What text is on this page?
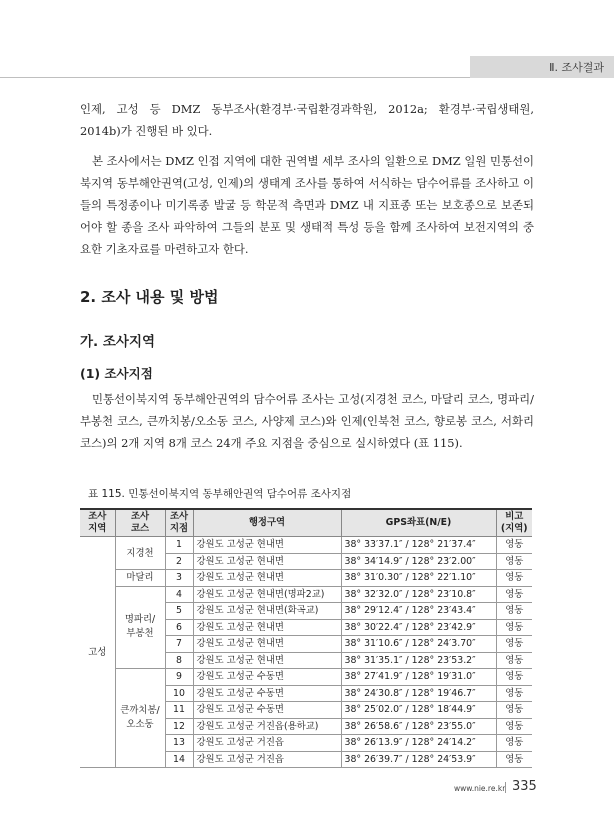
Ⅱ. 조사결과

인제, 고성 등 DMZ 동부조사(환경부·국립환경과학원, 2012a; 환경부·국립생태원, 2014b)가 진행된 바 있다.

본 조사에서는 DMZ 인접 지역에 대한 권역별 세부 조사의 일환으로 DMZ 일원 민통선이북지역 동부해안권역(고성, 인제)의 생태계 조사를 통하여 서식하는 담수어류를 조사하고 이들의 특정종이나 미기록종 발굴 등 학문적 측면과 DMZ 내 지표종 또는 보호종으로 보존되어야 할 종을 조사 파악하여 그들의 분포 및 생태적 특성 등을 함께 조사하여 보전지역의 중요한 기초자료를 마련하고자 한다.

2. 조사 내용 및 방법
가. 조사지역
(1) 조사지점

민통선이북지역 동부해안권역의 담수어류 조사는 고성(지경천 코스, 마달리 코스, 명파리/부봉천 코스, 큰까치봉/오소동 코스, 사양제 코스)와 인제(인북천 코스, 향로봉 코스, 서화리 코스)의 2개 지역 8개 코스 24개 주요 지점을 중심으로 실시하였다 (표 115).

표 115. 민통선이북지역 동부해안권역 담수어류 조사지점

조사
지역	조사
코스	조사
지점	행정구역	GPS좌표(N/E)	비고
(지역)
고성	지경천	1	강원도 고성군 현내면	38° 33′37.1″ / 128° 21′37.4″	영동
		2	강원도 고성군 현내면	38° 34′14.9″ / 128° 23′2.00″	영동
	마달리	3	강원도 고성군 현내면	38° 31′0.30″ / 128° 22′1.10″	영동
	명파리/
부봉천	4	강원도 고성군 현내면(명파2교)	38° 32′32.0″ / 128° 23′10.8″	영동
		5	강원도 고성군 현내면(화곡교)	38° 29′12.4″ / 128° 23′43.4″	영동
		6	강원도 고성군 현내면	38° 30′22.4″ / 128° 23′42.9″	영동
		7	강원도 고성군 현내면	38° 31′10.6″ / 128° 24′3.70″	영동
		8	강원도 고성군 현내면	38° 31′35.1″ / 128° 23′53.2″	영동
	큰까치봉/
오소동	9	강원도 고성군 수동면	38° 27′41.9″ / 128° 19′31.0″	영동
		10	강원도 고성군 수동면	38° 24′30.8″ / 128° 19′46.7″	영동
		11	강원도 고성군 수동면	38° 25′02.0″ / 128° 18′44.9″	영동
		12	강원도 고성군 거진읍(용하교)	38° 26′58.6″ / 128° 23′55.0″	영동
		13	강원도 고성군 거진읍	38° 26′13.9″ / 128° 24′14.2″	영동
		14	강원도 고성군 거진읍	38° 26′39.7″ / 128° 24′53.9″	영동
www.nie.re.kr 335
